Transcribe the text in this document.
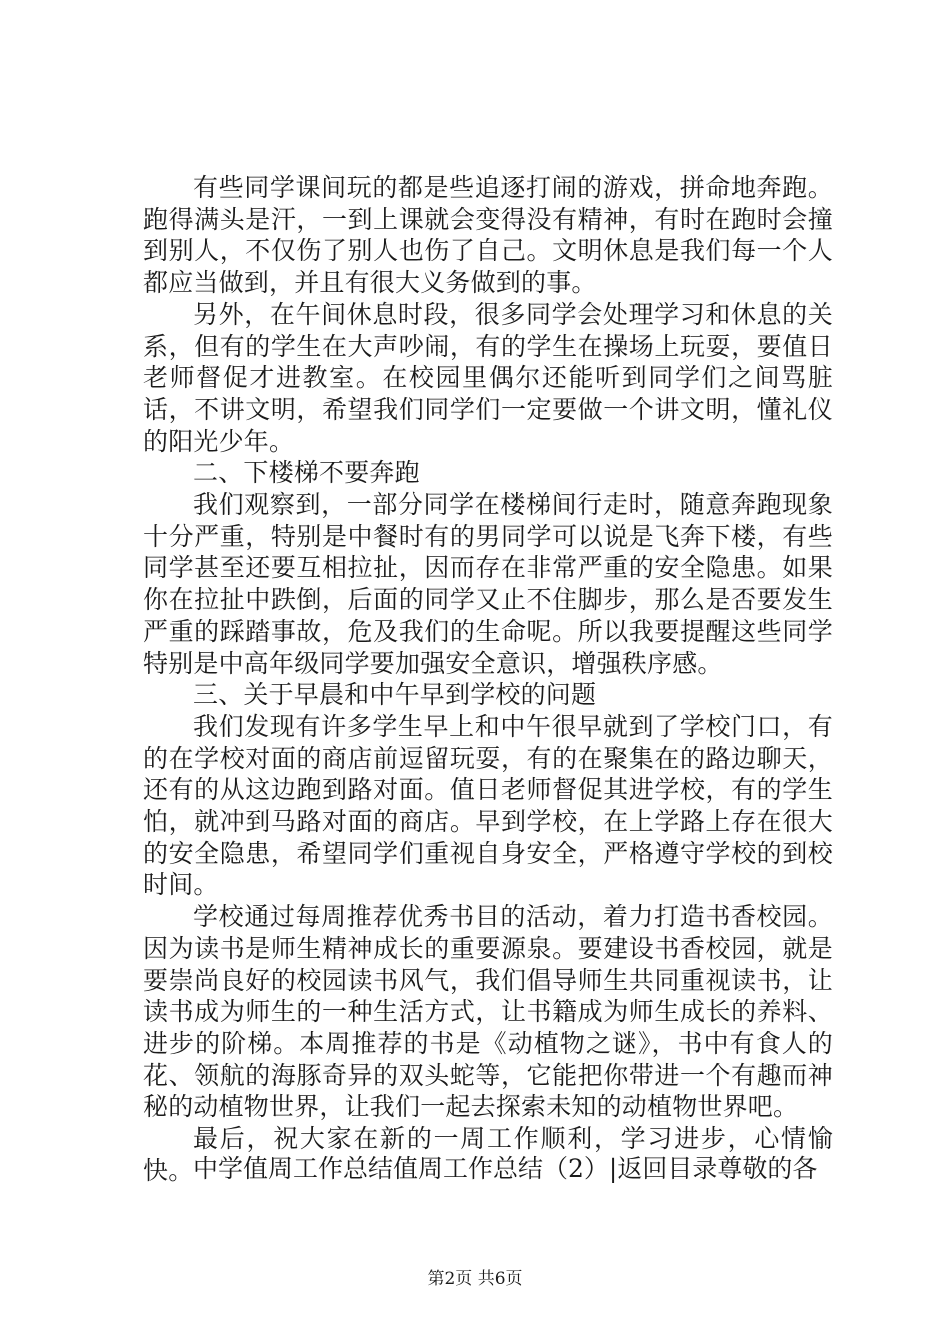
有些同学课间玩的都是些追逐打闹的游戏，拼命地奔跑。跑得满头是汗，一到上课就会变得没有精神，有时在跑时会撞到别人，不仅伤了别人也伤了自己。文明休息是我们每一个人都应当做到，并且有很大义务做到的事。

另外，在午间休息时段，很多同学会处理学习和休息的关系，但有的学生在大声吵闹，有的学生在操场上玩耍，要值日老师督促才进教室。在校园里偶尔还能听到同学们之间骂脏话，不讲文明，希望我们同学们一定要做一个讲文明，懂礼仪的阳光少年。

二、下楼梯不要奔跑

我们观察到，一部分同学在楼梯间行走时，随意奔跑现象十分严重，特别是中餐时有的男同学可以说是飞奔下楼，有些同学甚至还要互相拉扯，因而存在非常严重的安全隐患。如果你在拉扯中跌倒，后面的同学又止不住脚步，那么是否要发生严重的踩踏事故，危及我们的生命呢。所以我要提醒这些同学特别是中高年级同学要加强安全意识，增强秩序感。

三、关于早晨和中午早到学校的问题

我们发现有许多学生早上和中午很早就到了学校门口，有的在学校对面的商店前逗留玩耍，有的在聚集在的路边聊天，还有的从这边跑到路对面。值日老师督促其进学校，有的学生怕，就冲到马路对面的商店。早到学校，在上学路上存在很大的安全隐患，希望同学们重视自身安全，严格遵守学校的到校时间。

学校通过每周推荐优秀书目的活动，着力打造书香校园。因为读书是师生精神成长的重要源泉。要建设书香校园，就是要崇尚良好的校园读书风气，我们倡导师生共同重视读书，让读书成为师生的一种生活方式，让书籍成为师生成长的养料、进步的阶梯。本周推荐的书是《动植物之谜》，书中有食人的花、领航的海豚奇异的双头蛇等，它能把你带进一个有趣而神秘的动植物世界，让我们一起去探索未知的动植物世界吧。

最后，祝大家在新的一周工作顺利，学习进步，心情愉快。 中学值周工作总结值周工作总结（2）|返回目录尊敬的各
第2页 共6页
